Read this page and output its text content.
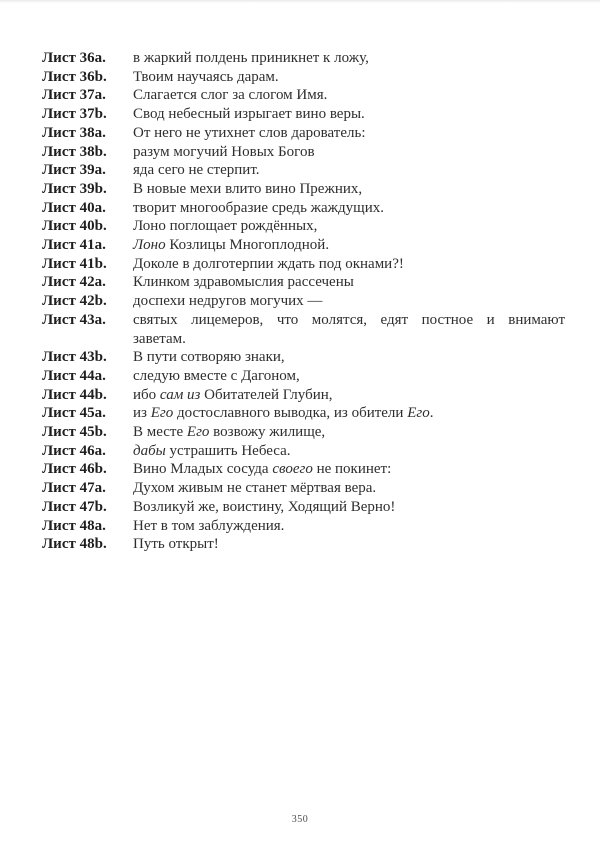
Лист 36a.	в жаркий полдень приникнет к ложу,
Лист 36b.	Твоим научаясь дарам.
Лист 37a.	Слагается слог за слогом Имя.
Лист 37b.	Свод небесный изрыгает вино веры.
Лист 38a.	От него не утихнет слов дарователь:
Лист 38b.	разум могучий Новых Богов
Лист 39a.	яда сего не стерпит.
Лист 39b.	В новые мехи влито вино Прежних,
Лист 40a.	творит многообразие средь жаждущих.
Лист 40b.	Лоно поглощает рождённых,
Лист 41a.	Лоно Козлицы Многоплодной.
Лист 41b.	Доколе в долготерпии ждать под окнами?!
Лист 42a.	Клинком здравомыслия рассечены
Лист 42b.	доспехи недругов могучих —
Лист 43a.	святых лицемеров, что молятся, едят постное и внимают
заветам.
Лист 43b.	В пути сотворяю знаки,
Лист 44a.	следую вместе с Дагоном,
Лист 44b.	ибо сам из Обитателей Глубин,
Лист 45a.	из Его достославного выводка, из обители Его.
Лист 45b.	В месте Его возвожу жилище,
Лист 46a.	дабы устрашить Небеса.
Лист 46b.	Вино Младых сосуда своего не покинет:
Лист 47a.	Духом живым не станет мёртвая вера.
Лист 47b.	Возликуй же, воистину, Ходящий Верно!
Лист 48a.	Нет в том заблуждения.
Лист 48b.	Путь открыт!
350
